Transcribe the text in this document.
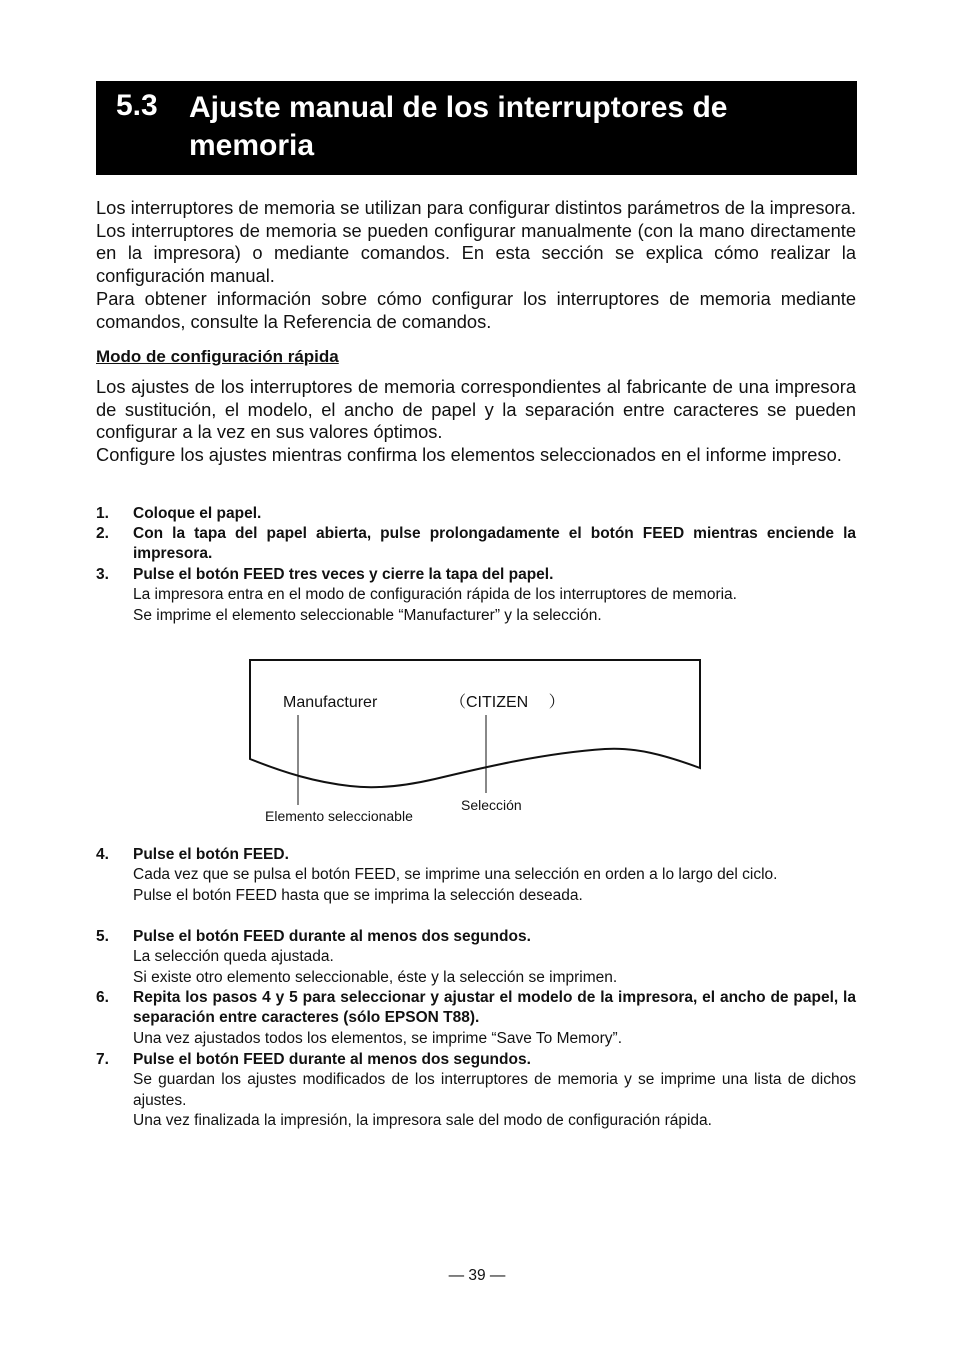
5.3 Ajuste manual de los interruptores de memoria

Los interruptores de memoria se utilizan para configurar distintos parámetros de la impresora. Los interruptores de memoria se pueden configurar manualmente (con la mano directamente en la impresora) o mediante comandos. En esta sección se explica cómo realizar la configuración manual.

Para obtener información sobre cómo configurar los interruptores de memoria mediante comandos, consulte la Referencia de comandos.

Modo de configuración rápida

Los ajustes de los interruptores de memoria correspondientes al fabricante de una impresora de sustitución, el modelo, el ancho de papel y la separación entre caracteres se pueden configurar a la vez en sus valores óptimos.

Configure los ajustes mientras confirma los elementos seleccionados en el informe impreso.

1. Coloque el papel.
2. Con la tapa del papel abierta, pulse prolongadamente el botón FEED mientras enciende la impresora.
3. Pulse el botón FEED tres veces y cierre la tapa del papel.
La impresora entra en el modo de configuración rápida de los interruptores de memoria.
Se imprime el elemento seleccionable “Manufacturer” y la selección.
Manufacturer	（CITIZEN　 ）
Elemento seleccionable
Selección
4. Pulse el botón FEED.
Cada vez que se pulsa el botón FEED, se imprime una selección en orden a lo largo del ciclo.
Pulse el botón FEED hasta que se imprima la selección deseada.
5. Pulse el botón FEED durante al menos dos segundos.
La selección queda ajustada.
Si existe otro elemento seleccionable, éste y la selección se imprimen.
6. Repita los pasos 4 y 5 para seleccionar y ajustar el modelo de la impresora, el ancho de papel, la separación entre caracteres (sólo EPSON T88).
Una vez ajustados todos los elementos, se imprime “Save To Memory”.
7. Pulse el botón FEED durante al menos dos segundos.
Se guardan los ajustes modificados de los interruptores de memoria y se imprime una lista de dichos ajustes.
Una vez finalizada la impresión, la impresora sale del modo de configuración rápida.
— 39 —
